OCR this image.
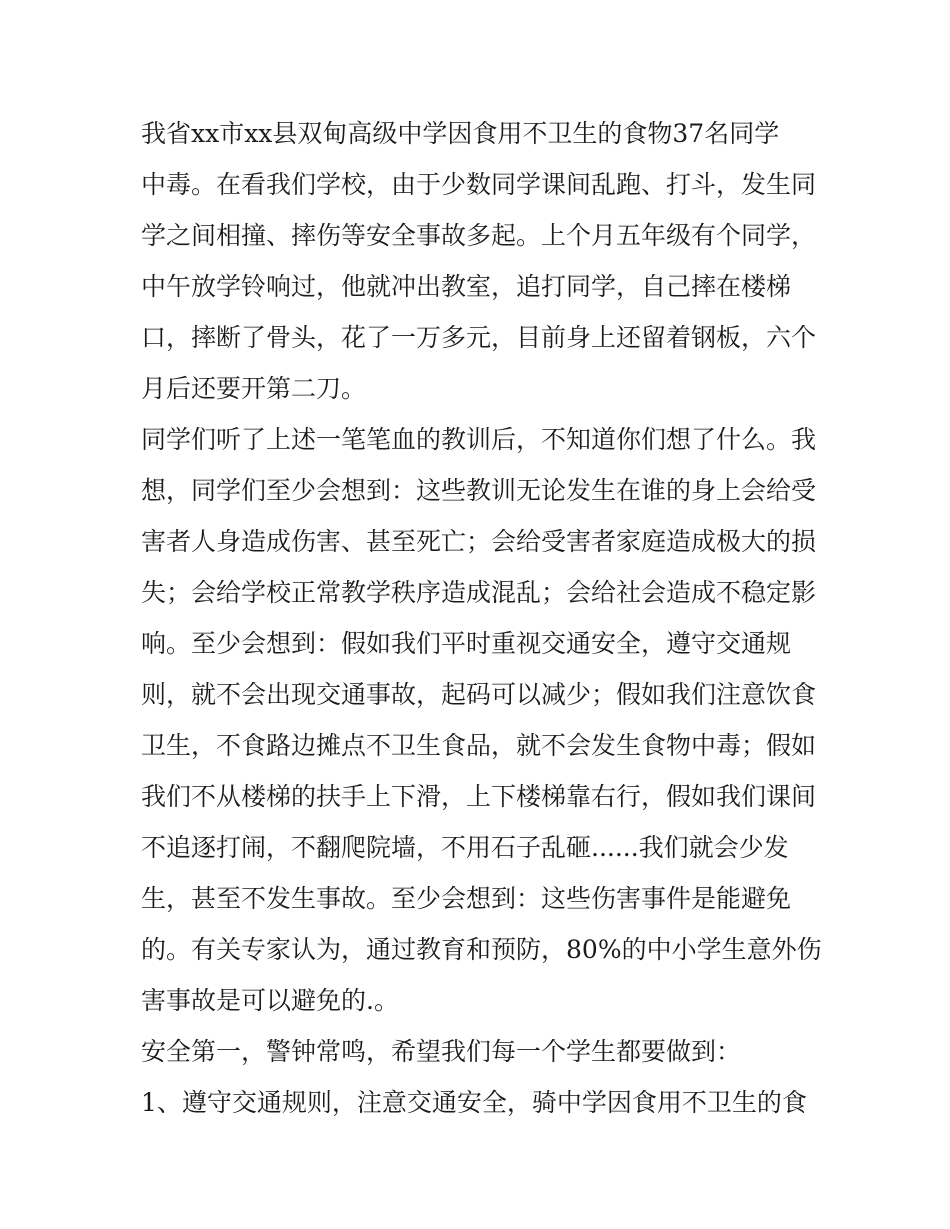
我省xx市xx县双甸高级中学因食用不卫生的食物37名同学
中毒。在看我们学校，由于少数同学课间乱跑、打斗，发生同
学之间相撞、摔伤等安全事故多起。上个月五年级有个同学，
中午放学铃响过，他就冲出教室，追打同学，自己摔在楼梯
口，摔断了骨头，花了一万多元，目前身上还留着钢板，六个
月后还要开第二刀。
同学们听了上述一笔笔血的教训后，不知道你们想了什么。我
想，同学们至少会想到：这些教训无论发生在谁的身上会给受
害者人身造成伤害、甚至死亡；会给受害者家庭造成极大的损
失；会给学校正常教学秩序造成混乱；会给社会造成不稳定影
响。至少会想到：假如我们平时重视交通安全，遵守交通规
则，就不会出现交通事故，起码可以减少；假如我们注意饮食
卫生，不食路边摊点不卫生食品，就不会发生食物中毒；假如
我们不从楼梯的扶手上下滑，上下楼梯靠右行，假如我们课间
不追逐打闹，不翻爬院墙，不用石子乱砸......我们就会少发
生，甚至不发生事故。至少会想到：这些伤害事件是能避免
的。有关专家认为，通过教育和预防，80%的中小学生意外伤
害事故是可以避免的.。
安全第一，警钟常鸣，希望我们每一个学生都要做到：
1、遵守交通规则，注意交通安全，骑中学因食用不卫生的食
